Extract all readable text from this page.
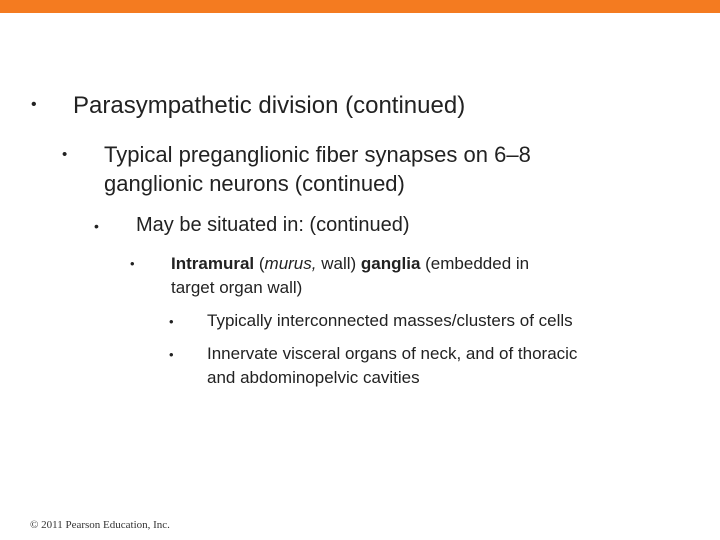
• Parasympathetic division (continued)
• Typical preganglionic fiber synapses on 6–8
ganglionic neurons (continued)
• May be situated in: (continued)
• Intramural (murus, wall) ganglia (embedded in
target organ wall)
• Typically interconnected masses/clusters of cells
• Innervate visceral organs of neck, and of thoracic
and abdominopelvic cavities
© 2011 Pearson Education, Inc.
